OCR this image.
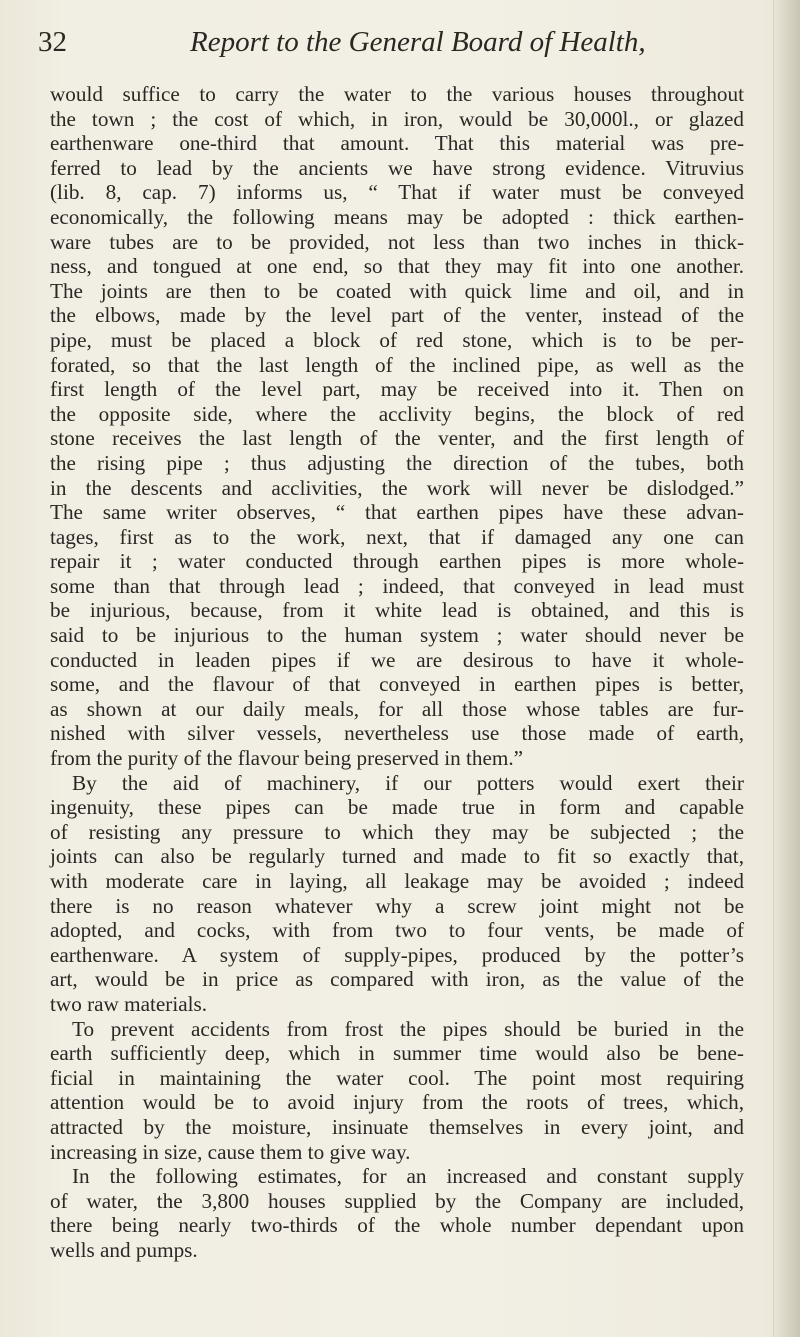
32	Report to the General Board of Health,
would suffice to carry the water to the various houses throughout
the town ; the cost of which, in iron, would be 30,000l., or glazed
earthenware one-third that amount. That this material was pre-
ferred to lead by the ancients we have strong evidence. Vitruvius
(lib. 8, cap. 7) informs us, “ That if water must be conveyed
economically, the following means may be adopted : thick earthen-
ware tubes are to be provided, not less than two inches in thick-
ness, and tongued at one end, so that they may fit into one another.
The joints are then to be coated with quick lime and oil, and in
the elbows, made by the level part of the venter, instead of the
pipe, must be placed a block of red stone, which is to be per-
forated, so that the last length of the inclined pipe, as well as the
first length of the level part, may be received into it. Then on
the opposite side, where the acclivity begins, the block of red
stone receives the last length of the venter, and the first length of
the rising pipe ; thus adjusting the direction of the tubes, both
in the descents and acclivities, the work will never be dislodged.”
The same writer observes, “ that earthen pipes have these advan-
tages, first as to the work, next, that if damaged any one can
repair it ; water conducted through earthen pipes is more whole-
some than that through lead ; indeed, that conveyed in lead must
be injurious, because, from it white lead is obtained, and this is
said to be injurious to the human system ; water should never be
conducted in leaden pipes if we are desirous to have it whole-
some, and the flavour of that conveyed in earthen pipes is better,
as shown at our daily meals, for all those whose tables are fur-
nished with silver vessels, nevertheless use those made of earth,
from the purity of the flavour being preserved in them.”
By the aid of machinery, if our potters would exert their
ingenuity, these pipes can be made true in form and capable
of resisting any pressure to which they may be subjected ; the
joints can also be regularly turned and made to fit so exactly that,
with moderate care in laying, all leakage may be avoided ; indeed
there is no reason whatever why a screw joint might not be
adopted, and cocks, with from two to four vents, be made of
earthenware. A system of supply-pipes, produced by the potter’s
art, would be in price as compared with iron, as the value of the
two raw materials.
To prevent accidents from frost the pipes should be buried in the
earth sufficiently deep, which in summer time would also be bene-
ficial in maintaining the water cool. The point most requiring
attention would be to avoid injury from the roots of trees, which,
attracted by the moisture, insinuate themselves in every joint, and
increasing in size, cause them to give way.
In the following estimates, for an increased and constant supply
of water, the 3,800 houses supplied by the Company are included,
there being nearly two-thirds of the whole number dependant upon
wells and pumps.
